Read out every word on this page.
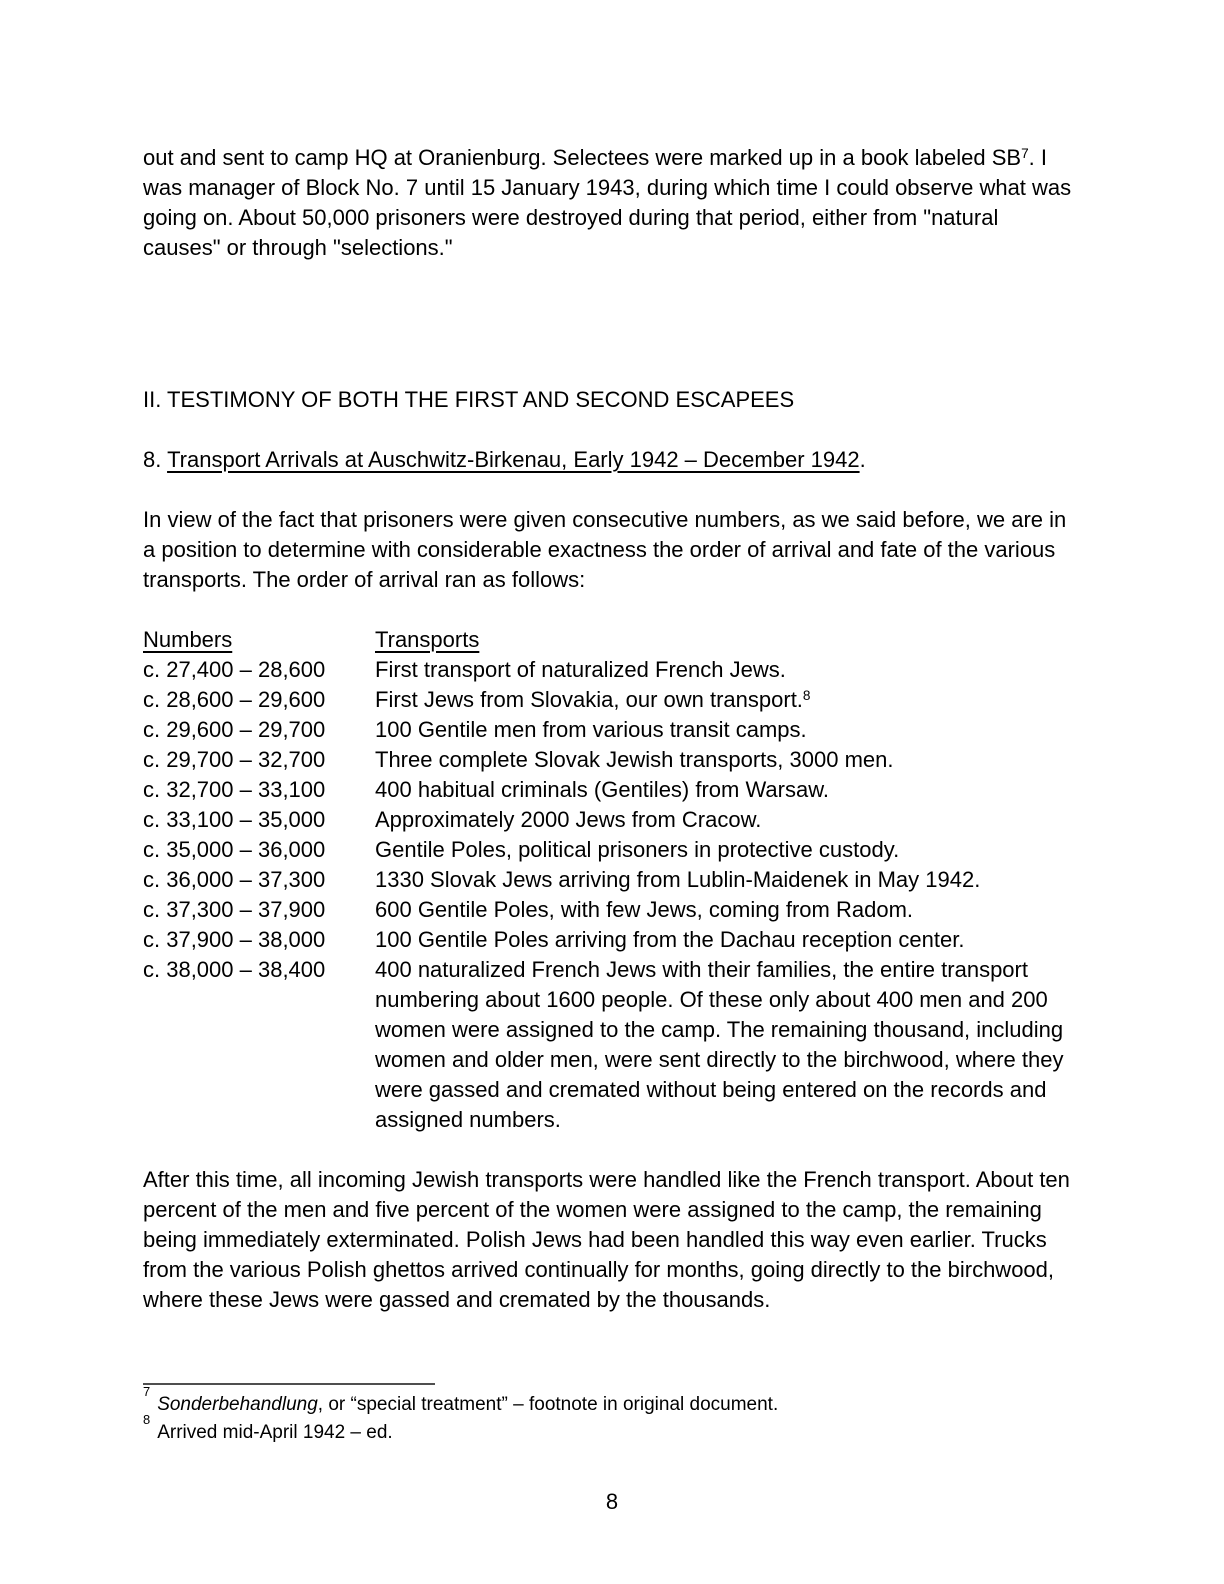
out and sent to camp HQ at Oranienburg. Selectees were marked up in a book labeled SB$^7$. I was manager of Block No. 7 until 15 January 1943, during which time I could observe what was going on. About 50,000 prisoners were destroyed during that period, either from "natural causes" or through "selections."

II. TESTIMONY OF BOTH THE FIRST AND SECOND ESCAPEES
8. Transport Arrivals at Auschwitz-Birkenau, Early 1942 – December 1942.

In view of the fact that prisoners were given consecutive numbers, as we said before, we are in a position to determine with considerable exactness the order of arrival and fate of the various transports. The order of arrival ran as follows:

Numbers	Transports
c. 27,400 – 28,600	First transport of naturalized French Jews.
c. 28,600 – 29,600	First Jews from Slovakia, our own transport.$^8$
c. 29,600 – 29,700	100 Gentile men from various transit camps.
c. 29,700 – 32,700	Three complete Slovak Jewish transports, 3000 men.
c. 32,700 – 33,100	400 habitual criminals (Gentiles) from Warsaw.
c. 33,100 – 35,000	Approximately 2000 Jews from Cracow.
c. 35,000 – 36,000	Gentile Poles, political prisoners in protective custody.
c. 36,000 – 37,300	1330 Slovak Jews arriving from Lublin-Maidenek in May 1942.
c. 37,300 – 37,900	600 Gentile Poles, with few Jews, coming from Radom.
c. 37,900 – 38,000	100 Gentile Poles arriving from the Dachau reception center.
c. 38,000 – 38,400	400 naturalized French Jews with their families, the entire transport numbering about 1600 people. Of these only about 400 men and 200 women were assigned to the camp. The remaining thousand, including women and older men, were sent directly to the birchwood, where they were gassed and cremated without being entered on the records and assigned numbers.

After this time, all incoming Jewish transports were handled like the French transport. About ten percent of the men and five percent of the women were assigned to the camp, the remaining being immediately exterminated. Polish Jews had been handled this way even earlier. Trucks from the various Polish ghettos arrived continually for months, going directly to the birchwood, where these Jews were gassed and cremated by the thousands.

$^7$Sonderbehandlung, or “special treatment” – footnote in original document.
$^8$Arrived mid-April 1942 – ed.
8
